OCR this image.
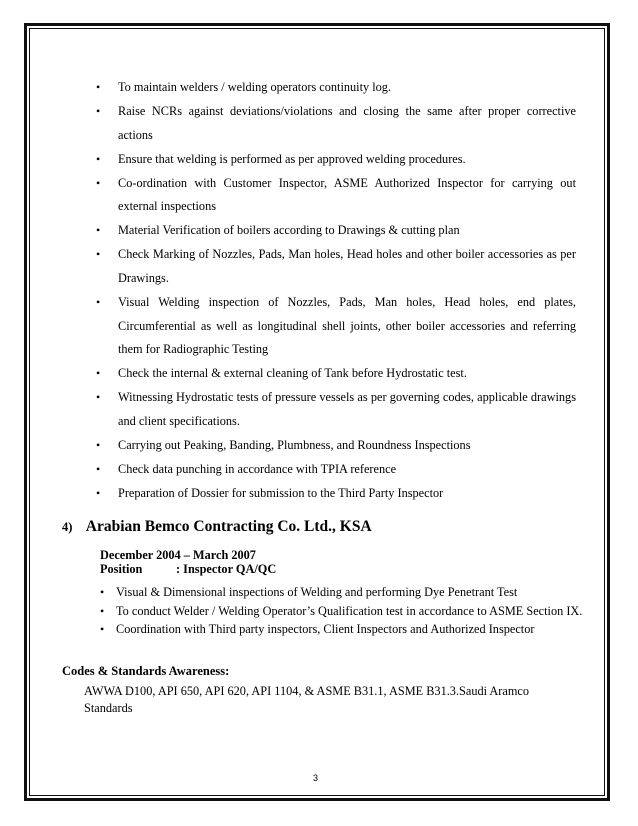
• To maintain welders / welding operators continuity log.
• Raise NCRs against deviations/violations and closing the same after proper corrective actions
• Ensure that welding is performed as per approved welding procedures.
• Co-ordination with Customer Inspector, ASME Authorized Inspector for carrying out external inspections
• Material Verification of boilers according to Drawings & cutting plan
• Check Marking of Nozzles, Pads, Man holes, Head holes and other boiler accessories as per Drawings.
• Visual Welding inspection of Nozzles, Pads, Man holes, Head holes, end plates, Circumferential as well as longitudinal shell joints, other boiler accessories and referring them for Radiographic Testing
• Check the internal & external cleaning of Tank before Hydrostatic test.
• Witnessing Hydrostatic tests of pressure vessels as per governing codes, applicable drawings and client specifications.
• Carrying out Peaking, Banding, Plumbness, and Roundness Inspections
• Check data punching in accordance with TPIA reference
• Preparation of Dossier for submission to the Third Party Inspector
4) Arabian Bemco Contracting Co. Ltd., KSA
December 2004 – March 2007
Position	: Inspector QA/QC
• Visual & Dimensional inspections of Welding and performing Dye Penetrant Test
• To conduct Welder / Welding Operator’s Qualification test in accordance to ASME Section IX.
• Coordination with Third party inspectors, Client Inspectors and Authorized Inspector
Codes & Standards Awareness:
AWWA D100, API 650, API 620, API 1104, & ASME B31.1, ASME B31.3.Saudi Aramco Standards
3
